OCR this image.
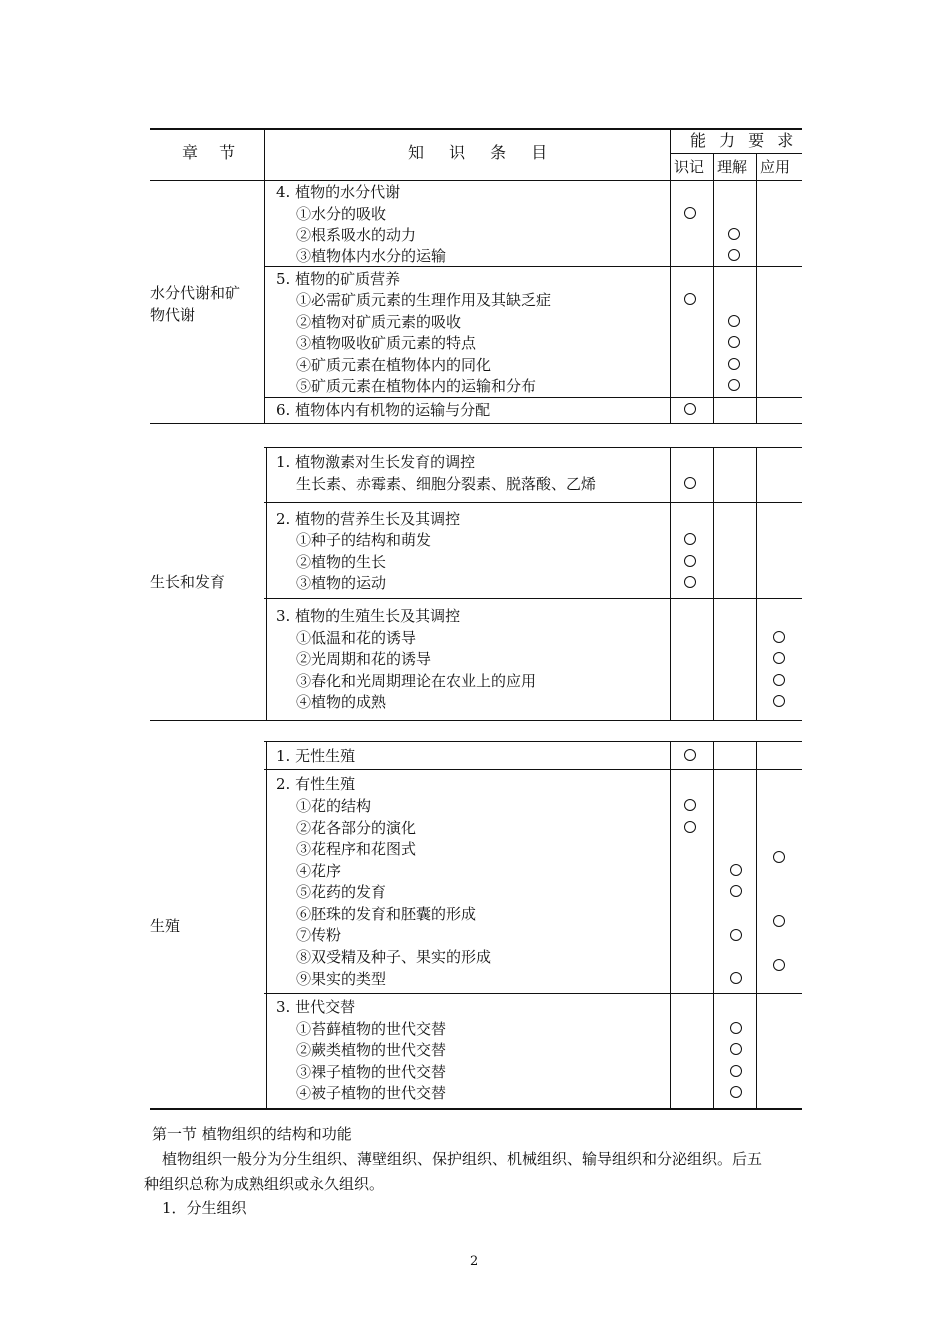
章 节	知 识 条 目
能 力 要 求
识记 理解 应用
水分代谢和矿
物代谢
生长和发育
生殖
4. 植物的水分代谢
①水分的吸收
②根系吸水的动力
③植物体内水分的运输
5. 植物的矿质营养
①必需矿质元素的生理作用及其缺乏症
②植物对矿质元素的吸收
③植物吸收矿质元素的特点
④矿质元素在植物体内的同化
⑤矿质元素在植物体内的运输和分布
6. 植物体内有机物的运输与分配
1. 植物激素对生长发育的调控
生长素、赤霉素、细胞分裂素、脱落酸、乙烯
2. 植物的营养生长及其调控
①种子的结构和萌发
②植物的生长
③植物的运动
3. 植物的生殖生长及其调控
①低温和花的诱导
②光周期和花的诱导
③春化和光周期理论在农业上的应用
④植物的成熟
1. 无性生殖
2. 有性生殖
①花的结构
②花各部分的演化
③花程序和花图式
④花序
⑤花药的发育
⑥胚珠的发育和胚囊的形成
⑦传粉
⑧双受精及种子、果实的形成
⑨果实的类型
3. 世代交替
①苔藓植物的世代交替
②蕨类植物的世代交替
③裸子植物的世代交替
④被子植物的世代交替
第一节 植物组织的结构和功能
植物组织一般分为分生组织、薄壁组织、保护组织、机械组织、输导组织和分泌组织。后五
种组织总称为成熟组织或永久组织。
1．分生组织
2
